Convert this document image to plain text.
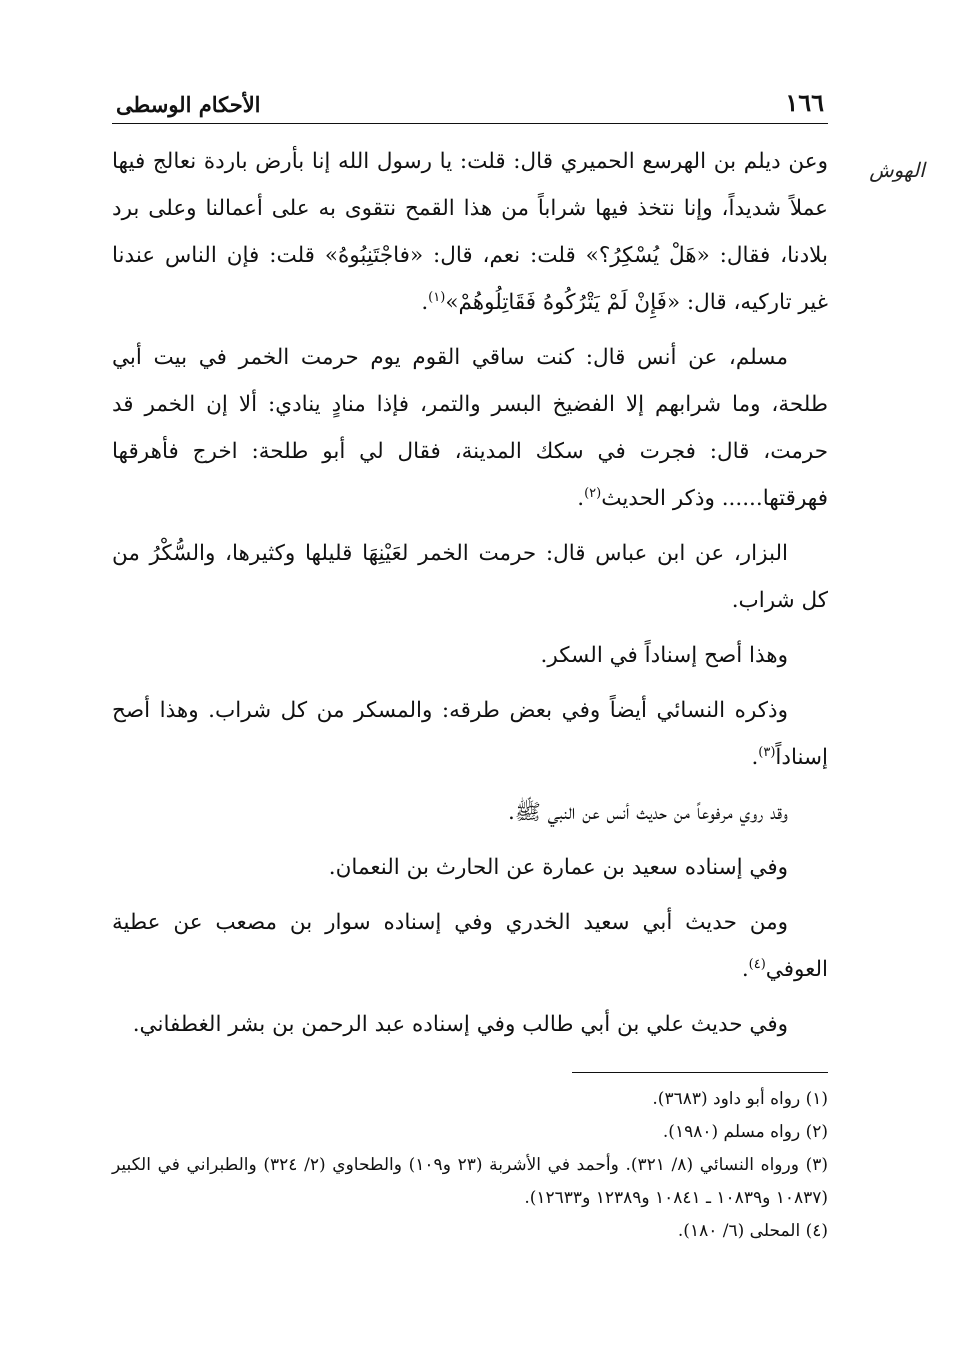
الهوش
١٦٦
الأحكام الوسطى

وعن ديلم بن الهرسع الحميري قال: قلت: يا رسول الله إنا بأرض باردة نعالج فيها عملاً شديداً، وإنا نتخذ فيها شراباً من هذا القمح نتقوى به على أعمالنا وعلى برد بلادنا، فقال: «هَلْ يُسْكِرُ؟» قلت: نعم، قال: «فاجْتَنِبُوهُ» قلت: فإن الناس عندنا غير تاركيه، قال: «فَإِنْ لَمْ يَتْرُكُوهُ فَقَاتِلُوهُمْ»$^{(١)}$.

مسلم، عن أنس قال: كنت ساقي القوم يوم حرمت الخمر في بيت أبي طلحة، وما شرابهم إلا الفضيخ البسر والتمر، فإذا منادٍ ينادي: ألا إن الخمر قد حرمت، قال: فجرت في سكك المدينة، فقال لي أبو طلحة: اخرج فأهرقها فهرقتها...... وذكر الحديث$^{(٢)}$.

البزار، عن ابن عباس قال: حرمت الخمر لعَيْنِهَا قليلها وكثيرها، والسُّكْرُ من كل شراب.

وهذا أصح إسناداً في السكر.

وذكره النسائي أيضاً وفي بعض طرقه: والمسكر من كل شراب. وهذا أصح إسناداً$^{(٣)}$.

وقد روي مرفوعاً من حديث أنس عن النبي ﷺ.

وفي إسناده سعيد بن عمارة عن الحارث بن النعمان.

ومن حديث أبي سعيد الخدري وفي إسناده سوار بن مصعب عن عطية العوفي$^{(٤)}$.

وفي حديث علي بن أبي طالب وفي إسناده عبد الرحمن بن بشر الغطفاني.

(١) رواه أبو داود (٣٦٨٣).

(٢) رواه مسلم (١٩٨٠).

(٣) ورواه النسائي (٨/ ٣٢١). وأحمد في الأشربة (٢٣ و١٠٩) والطحاوي (٢/ ٣٢٤) والطبراني في الكبير (١٠٨٣٧ و١٠٨٣٩ ـ ١٠٨٤١ و١٢٣٨٩ و١٢٦٣٣).

(٤) المحلى (٦/ ١٨٠).
